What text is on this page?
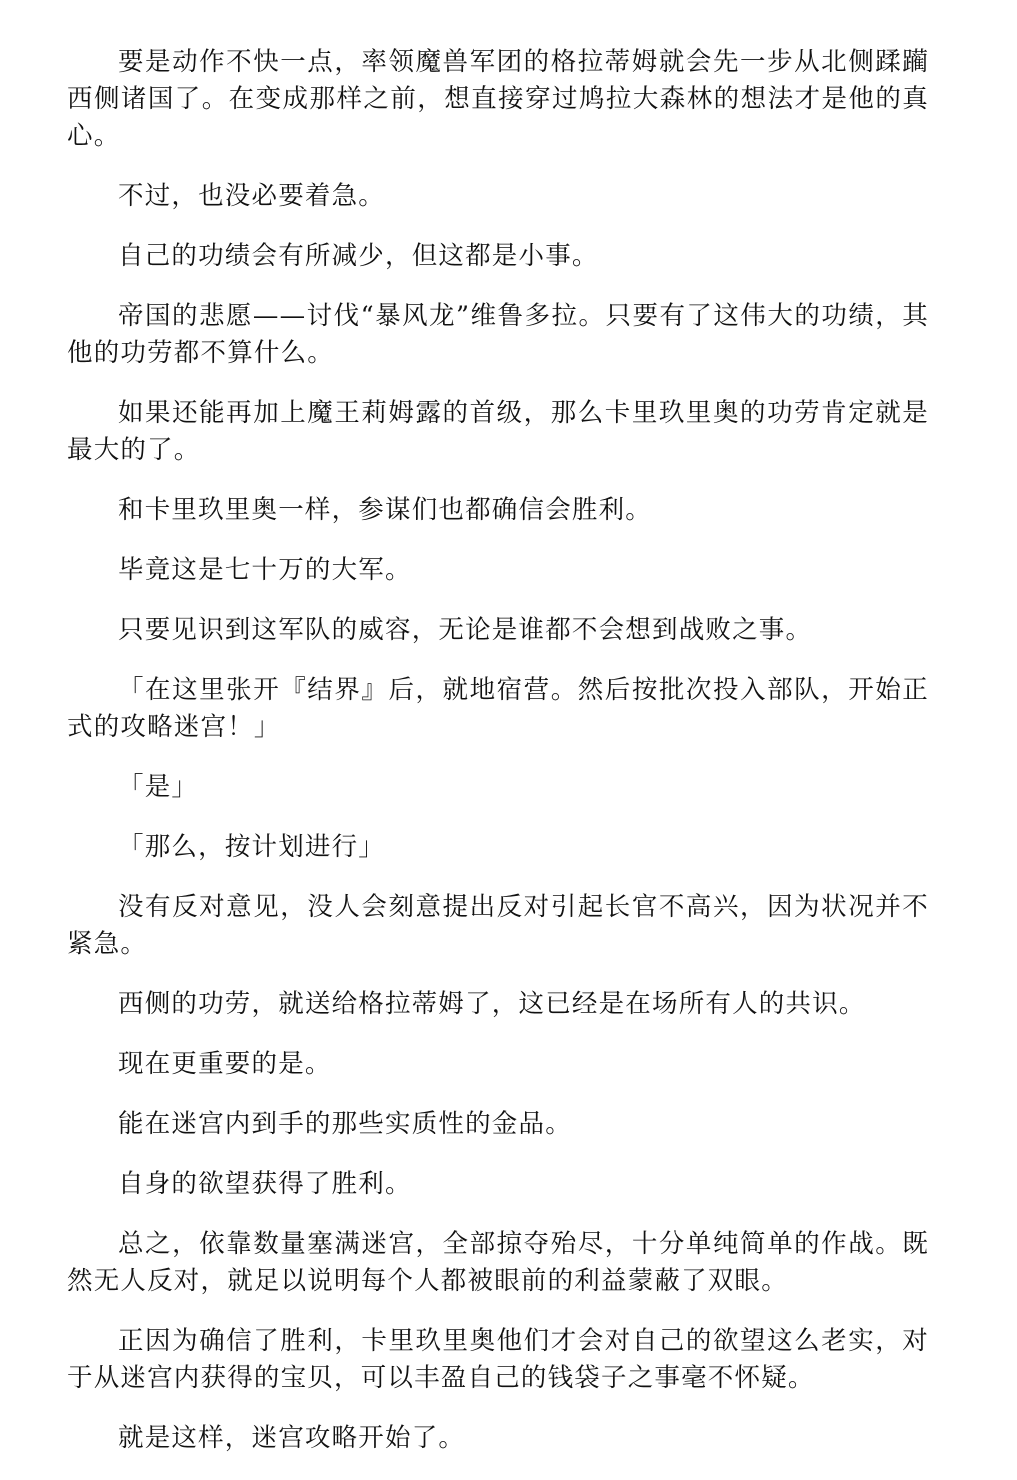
要是动作不快一点，率领魔兽军团的格拉蒂姆就会先一步从北侧蹂躏西侧诸国了。在变成那样之前，想直接穿过鸠拉大森林的想法才是他的真心。

不过，也没必要着急。

自己的功绩会有所减少，但这都是小事。

帝国的悲愿——讨伐“暴风龙”维鲁多拉。只要有了这伟大的功绩，其他的功劳都不算什么。

如果还能再加上魔王莉姆露的首级，那么卡里玖里奥的功劳肯定就是最大的了。

和卡里玖里奥一样，参谋们也都确信会胜利。

毕竟这是七十万的大军。

只要见识到这军队的威容，无论是谁都不会想到战败之事。

「在这里张开『结界』后，就地宿营。然后按批次投入部队，开始正式的攻略迷宫！」

「是」

「那么，按计划进行」

没有反对意见，没人会刻意提出反对引起长官不高兴，因为状况并不紧急。

西侧的功劳，就送给格拉蒂姆了，这已经是在场所有人的共识。

现在更重要的是。

能在迷宫内到手的那些实质性的金品。

自身的欲望获得了胜利。

总之，依靠数量塞满迷宫，全部掠夺殆尽，十分单纯简单的作战。既然无人反对，就足以说明每个人都被眼前的利益蒙蔽了双眼。

正因为确信了胜利，卡里玖里奥他们才会对自己的欲望这么老实，对于从迷宫内获得的宝贝，可以丰盈自己的钱袋子之事毫不怀疑。

就是这样，迷宫攻略开始了。
